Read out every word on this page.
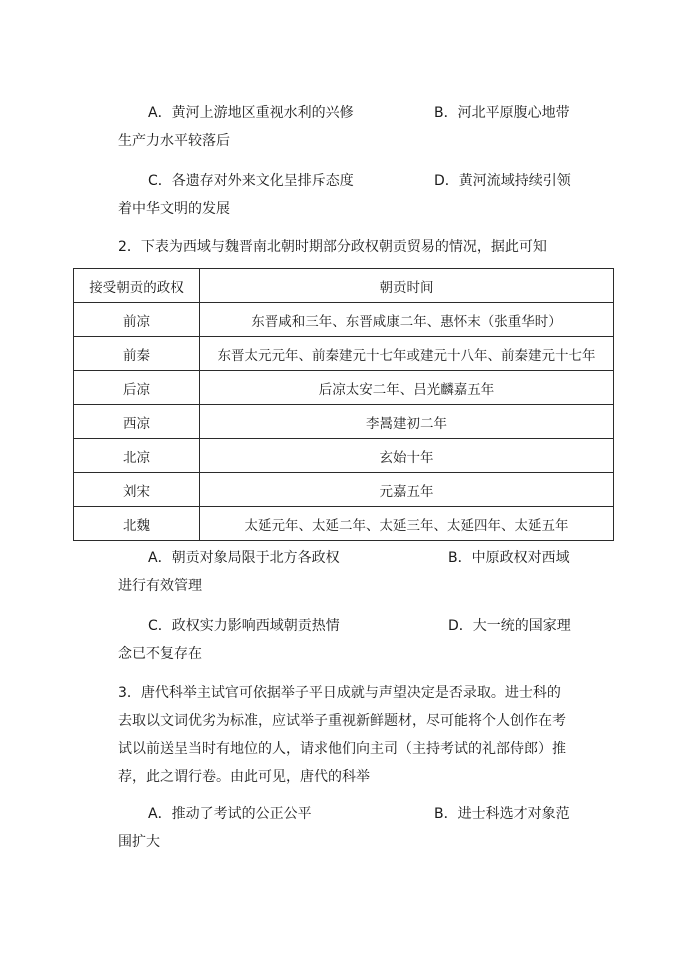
A．黄河上游地区重视水利的兴修	B．河北平原腹心地带
生产力水平较落后
C．各遗存对外来文化呈排斥态度	D．黄河流域持续引领
着中华文明的发展
2．下表为西域与魏晋南北朝时期部分政权朝贡贸易的情况，据此可知
接受朝贡的政权	朝贡时间
前凉	东晋咸和三年、东晋咸康二年、惠怀末（张重华时）
前秦	东晋太元元年、前秦建元十七年或建元十八年、前秦建元十七年
后凉	后凉太安二年、吕光麟嘉五年
西凉	李暠建初二年
北凉	玄始十年
刘宋	元嘉五年
北魏	太延元年、太延二年、太延三年、太延四年、太延五年
A．朝贡对象局限于北方各政权	B．中原政权对西域
进行有效管理
C．政权实力影响西域朝贡热情	D．大一统的国家理
念已不复存在
3．唐代科举主试官可依据举子平日成就与声望决定是否录取。进士科的
去取以文词优劣为标准，应试举子重视新鲜题材，尽可能将个人创作在考
试以前送呈当时有地位的人，请求他们向主司（主持考试的礼部侍郎）推
荐，此之谓行卷。由此可见，唐代的科举
A．推动了考试的公正公平	B．进士科选才对象范
围扩大
